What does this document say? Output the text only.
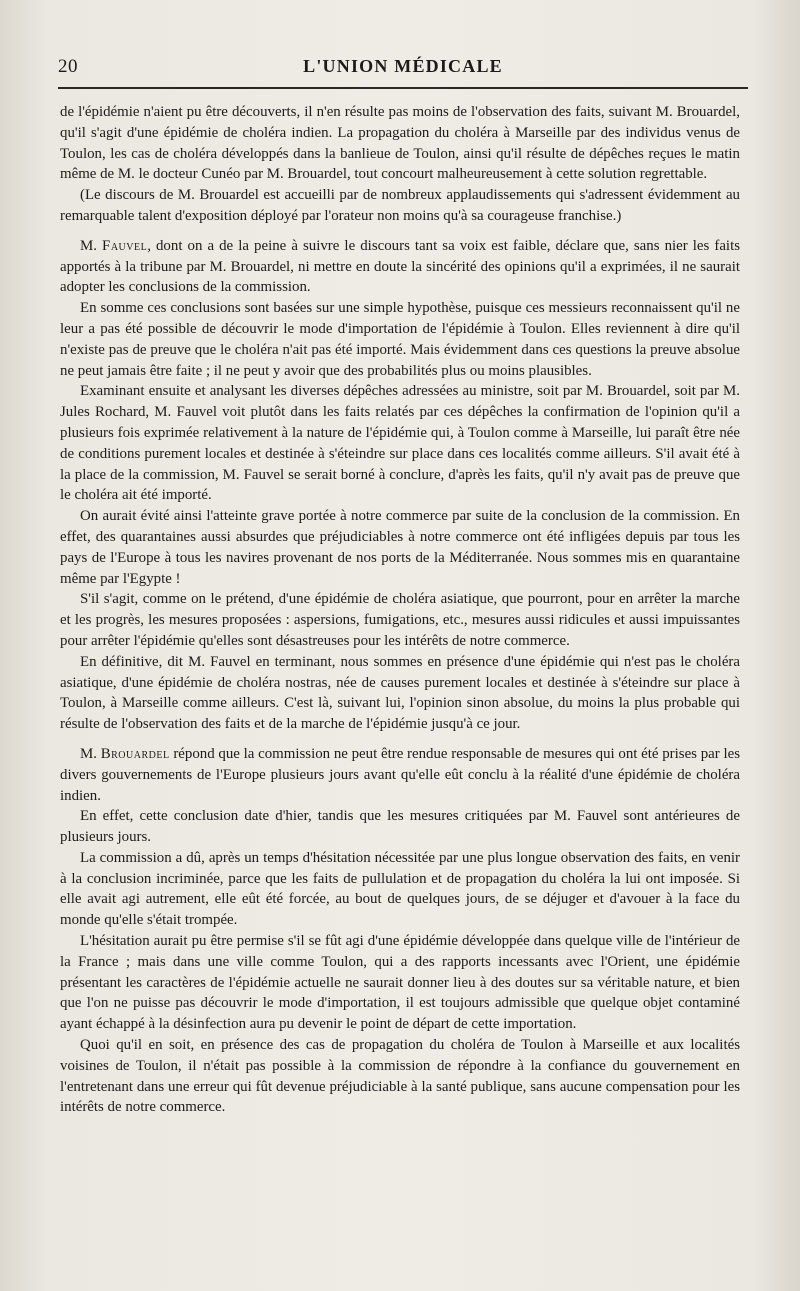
20	L'UNION MÉDICALE

de l'épidémie n'aient pu être découverts, il n'en résulte pas moins de l'observation des faits, suivant M. Brouardel, qu'il s'agit d'une épidémie de choléra indien. La propagation du choléra à Marseille par des individus venus de Toulon, les cas de choléra développés dans la banlieue de Toulon, ainsi qu'il résulte de dépêches reçues le matin même de M. le docteur Cunéo par M. Brouardel, tout concourt malheureusement à cette solution regrettable.

(Le discours de M. Brouardel est accueilli par de nombreux applaudissements qui s'adressent évidemment au remarquable talent d'exposition déployé par l'orateur non moins qu'à sa courageuse franchise.)

M. Fauvel, dont on a de la peine à suivre le discours tant sa voix est faible, déclare que, sans nier les faits apportés à la tribune par M. Brouardel, ni mettre en doute la sincérité des opinions qu'il a exprimées, il ne saurait adopter les conclusions de la commission.

En somme ces conclusions sont basées sur une simple hypothèse, puisque ces messieurs reconnaissent qu'il ne leur a pas été possible de découvrir le mode d'importation de l'épidémie à Toulon. Elles reviennent à dire qu'il n'existe pas de preuve que le choléra n'ait pas été importé. Mais évidemment dans ces questions la preuve absolue ne peut jamais être faite ; il ne peut y avoir que des probabilités plus ou moins plausibles.

Examinant ensuite et analysant les diverses dépêches adressées au ministre, soit par M. Brouardel, soit par M. Jules Rochard, M. Fauvel voit plutôt dans les faits relatés par ces dépêches la confirmation de l'opinion qu'il a plusieurs fois exprimée relativement à la nature de l'épidémie qui, à Toulon comme à Marseille, lui paraît être née de conditions purement locales et destinée à s'éteindre sur place dans ces localités comme ailleurs. S'il avait été à la place de la commission, M. Fauvel se serait borné à conclure, d'après les faits, qu'il n'y avait pas de preuve que le choléra ait été importé.

On aurait évité ainsi l'atteinte grave portée à notre commerce par suite de la conclusion de la commission. En effet, des quarantaines aussi absurdes que préjudiciables à notre commerce ont été infligées depuis par tous les pays de l'Europe à tous les navires provenant de nos ports de la Méditerranée. Nous sommes mis en quarantaine même par l'Egypte !

S'il s'agit, comme on le prétend, d'une épidémie de choléra asiatique, que pourront, pour en arrêter la marche et les progrès, les mesures proposées : aspersions, fumigations, etc., mesures aussi ridicules et aussi impuissantes pour arrêter l'épidémie qu'elles sont désastreuses pour les intérêts de notre commerce.

En définitive, dit M. Fauvel en terminant, nous sommes en présence d'une épidémie qui n'est pas le choléra asiatique, d'une épidémie de choléra nostras, née de causes purement locales et destinée à s'éteindre sur place à Toulon, à Marseille comme ailleurs. C'est là, suivant lui, l'opinion sinon absolue, du moins la plus probable qui résulte de l'observation des faits et de la marche de l'épidémie jusqu'à ce jour.

M. Brouardel répond que la commission ne peut être rendue responsable de mesures qui ont été prises par les divers gouvernements de l'Europe plusieurs jours avant qu'elle eût conclu à la réalité d'une épidémie de choléra indien.

En effet, cette conclusion date d'hier, tandis que les mesures critiquées par M. Fauvel sont antérieures de plusieurs jours.

La commission a dû, après un temps d'hésitation nécessitée par une plus longue observation des faits, en venir à la conclusion incriminée, parce que les faits de pullulation et de propagation du choléra la lui ont imposée. Si elle avait agi autrement, elle eût été forcée, au bout de quelques jours, de se déjuger et d'avouer à la face du monde qu'elle s'était trompée.

L'hésitation aurait pu être permise s'il se fût agi d'une épidémie développée dans quelque ville de l'intérieur de la France ; mais dans une ville comme Toulon, qui a des rapports incessants avec l'Orient, une épidémie présentant les caractères de l'épidémie actuelle ne saurait donner lieu à des doutes sur sa véritable nature, et bien que l'on ne puisse pas découvrir le mode d'importation, il est toujours admissible que quelque objet contaminé ayant échappé à la désinfection aura pu devenir le point de départ de cette importation.

Quoi qu'il en soit, en présence des cas de propagation du choléra de Toulon à Marseille et aux localités voisines de Toulon, il n'était pas possible à la commission de répondre à la confiance du gouvernement en l'entretenant dans une erreur qui fût devenue préjudiciable à la santé publique, sans aucune compensation pour les intérêts de notre commerce.
